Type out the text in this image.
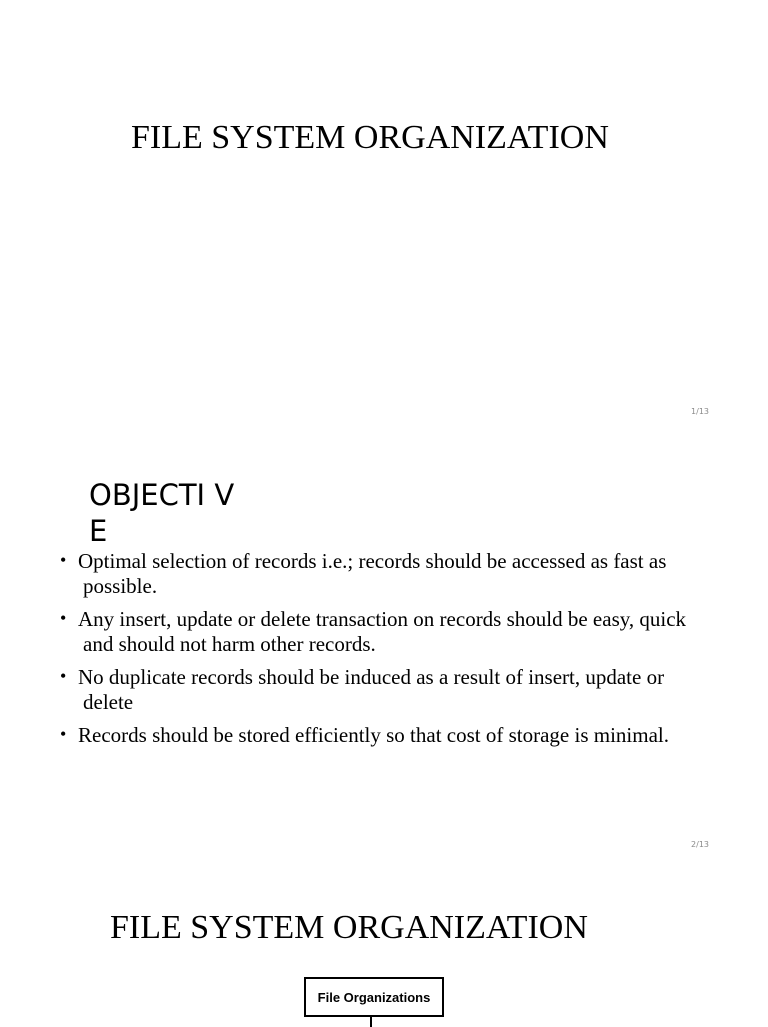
FILE SYSTEM ORGANIZATION
1/13
OBJECTI VE
• Optimal selection of records i.e.; records should be accessed as fast as possible.
• Any insert, update or delete transaction on records should be easy, quick and should not harm other records.
• No duplicate records should be induced as a result of insert, update or delete
• Records should be stored efficiently so that cost of storage is minimal.
2/13
FILE SYSTEM ORGANIZATION
File Organizations
